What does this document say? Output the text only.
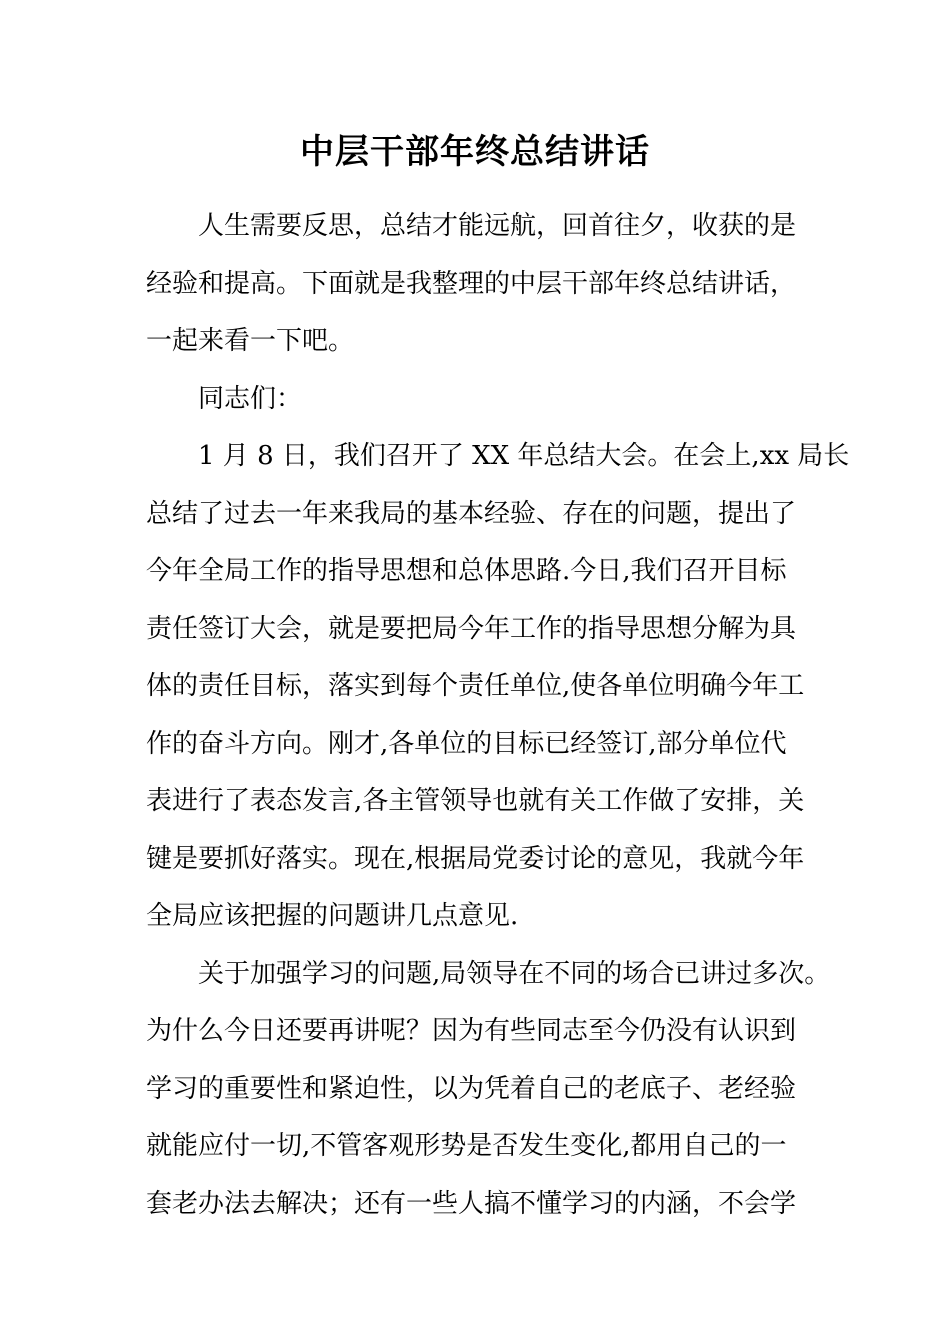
中层干部年终总结讲话
人生需要反思，总结才能远航，回首往夕，收获的是
经验和提高。下面就是我整理的中层干部年终总结讲话，
一起来看一下吧。
同志们：
1 月 8 日，我们召开了 XX 年总结大会。在会上,xx 局长
总结了过去一年来我局的基本经验、存在的问题，提出了
今年全局工作的指导思想和总体思路.今日,我们召开目标
责任签订大会，就是要把局今年工作的指导思想分解为具
体的责任目标，落实到每个责任单位,使各单位明确今年工
作的奋斗方向。刚才,各单位的目标已经签订,部分单位代
表进行了表态发言,各主管领导也就有关工作做了安排，关
键是要抓好落实。现在,根据局党委讨论的意见，我就今年
全局应该把握的问题讲几点意见.
关于加强学习的问题,局领导在不同的场合已讲过多次。
为什么今日还要再讲呢？因为有些同志至今仍没有认识到
学习的重要性和紧迫性，以为凭着自己的老底子、老经验
就能应付一切,不管客观形势是否发生变化,都用自己的一
套老办法去解决；还有一些人搞不懂学习的内涵，不会学
